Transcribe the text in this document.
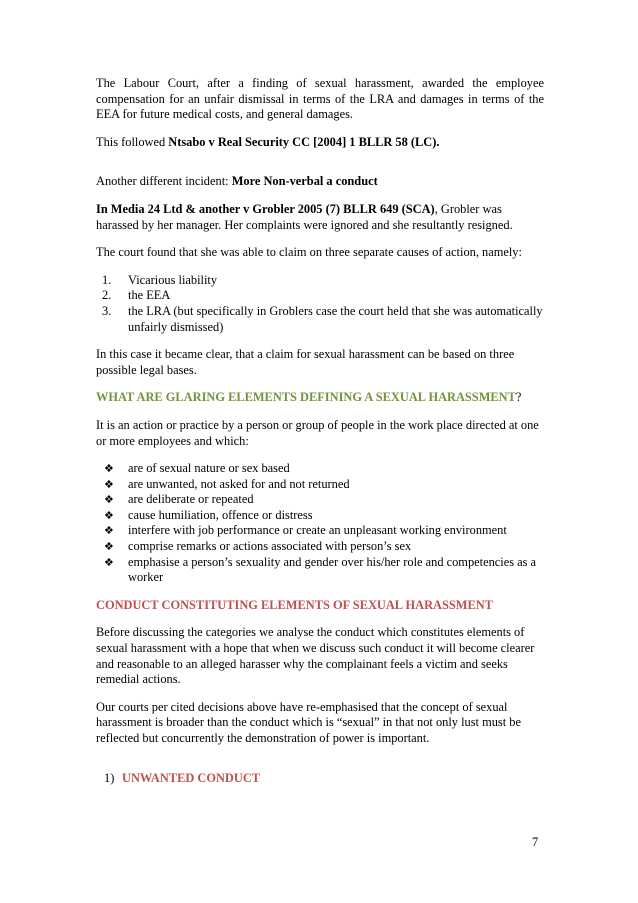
The Labour Court, after a finding of sexual harassment, awarded the employee compensation for an unfair dismissal in terms of the LRA and damages in terms of the EEA for future medical costs, and general damages.

This followed Ntsabo v Real Security CC [2004] 1 BLLR 58 (LC).

Another different incident: More Non-verbal a conduct

In Media 24 Ltd & another v Grobler 2005 (7) BLLR 649 (SCA), Grobler was harassed by her manager. Her complaints were ignored and she resultantly resigned.

The court found that she was able to claim on three separate causes of action, namely:

1.	Vicarious liability
2.	the EEA
3.	the LRA (but specifically in Groblers case the court held that she was automatically unfairly dismissed)

In this case it became clear, that a claim for sexual harassment can be based on three possible legal bases.

WHAT ARE GLARING ELEMENTS DEFINING A SEXUAL HARASSMENT?

It is an action or practice by a person or group of people in the work place directed at one or more employees and which:

❖ are of sexual nature or sex based
❖ are unwanted, not asked for and not returned
❖ are deliberate or repeated
❖ cause humiliation, offence or distress
❖ interfere with job performance or create an unpleasant working environment
❖ comprise remarks or actions associated with person’s sex
❖ emphasise a person’s sexuality and gender over his/her role and competencies as a worker

CONDUCT CONSTITUTING ELEMENTS OF SEXUAL HARASSMENT

Before discussing the categories we analyse the conduct which constitutes elements of sexual harassment with a hope that when we discuss such conduct it will become clearer and reasonable to an alleged harasser why the complainant feels a victim and seeks remedial actions.

Our courts per cited decisions above have re-emphasised that the concept of sexual harassment is broader than the conduct which is “sexual” in that not only lust must be reflected but concurrently the demonstration of power is important.

1) UNWANTED CONDUCT

7
